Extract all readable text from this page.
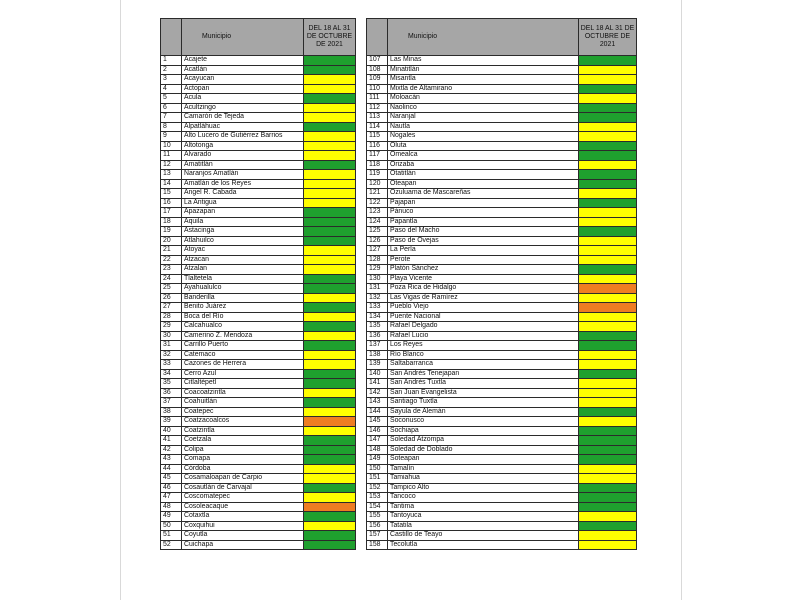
	Municipio	DEL 18 AL 31 DE OCTUBRE DE 2021
1	Acajete	
2	Acatlán	
3	Acayucan	
4	Actopan	
5	Acula	
6	Acultzingo	
7	Camarón de Tejeda	
8	Alpatláhuac	
9	Alto Lucero de Gutiérrez Barrios	
10	Altotonga	
11	Alvarado	
12	Amatitlán	
13	Naranjos Amatlán	
14	Amatlán de los Reyes	
15	Ángel R. Cabada	
16	La Antigua	
17	Apazapan	
18	Aquila	
19	Astacinga	
20	Atlahuilco	
21	Atoyac	
22	Atzacan	
23	Atzalan	
24	Tlaltetela	
25	Ayahualulco	
26	Banderilla	
27	Benito Juárez	
28	Boca del Río	
29	Calcahualco	
30	Camerino Z. Mendoza	
31	Carrillo Puerto	
32	Catemaco	
33	Cazones de Herrera	
34	Cerro Azul	
35	Citlaltépetl	
36	Coacoatzintla	
37	Coahuitlán	
38	Coatepec	
39	Coatzacoalcos	
40	Coatzintla	
41	Coetzala	
42	Colipa	
43	Comapa	
44	Córdoba	
45	Cosamaloapan de Carpio	
46	Cosautlán de Carvajal	
47	Coscomatepec	
48	Cosoleacaque	
49	Cotaxtla	
50	Coxquihui	
51	Coyutla	
52	Cuichapa	
	Municipio	DEL 18 AL 31 DE OCTUBRE DE 2021
107	Las Minas	
108	Minatitlán	
109	Misantla	
110	Mixtla de Altamirano	
111	Moloacán	
112	Naolinco	
113	Naranjal	
114	Nautla	
115	Nogales	
116	Oluta	
117	Omealca	
118	Orizaba	
119	Otatitlán	
120	Oteapan	
121	Ozuluama de Mascareñas	
122	Pajapan	
123	Pánuco	
124	Papantla	
125	Paso del Macho	
126	Paso de Ovejas	
127	La Perla	
128	Perote	
129	Platón Sánchez	
130	Playa Vicente	
131	Poza Rica de Hidalgo	
132	Las Vigas de Ramírez	
133	Pueblo Viejo	
134	Puente Nacional	
135	Rafael Delgado	
136	Rafael Lucio	
137	Los Reyes	
138	Río Blanco	
139	Saltabarranca	
140	San Andrés Tenejapan	
141	San Andrés Tuxtla	
142	San Juan Evangelista	
143	Santiago Tuxtla	
144	Sayula de Alemán	
145	Soconusco	
146	Sochiapa	
147	Soledad Atzompa	
148	Soledad de Doblado	
149	Soteapan	
150	Tamalín	
151	Tamiahua	
152	Tampico Alto	
153	Tancoco	
154	Tantima	
155	Tantoyuca	
156	Tatatila	
157	Castillo de Teayo	
158	Tecolutla	
